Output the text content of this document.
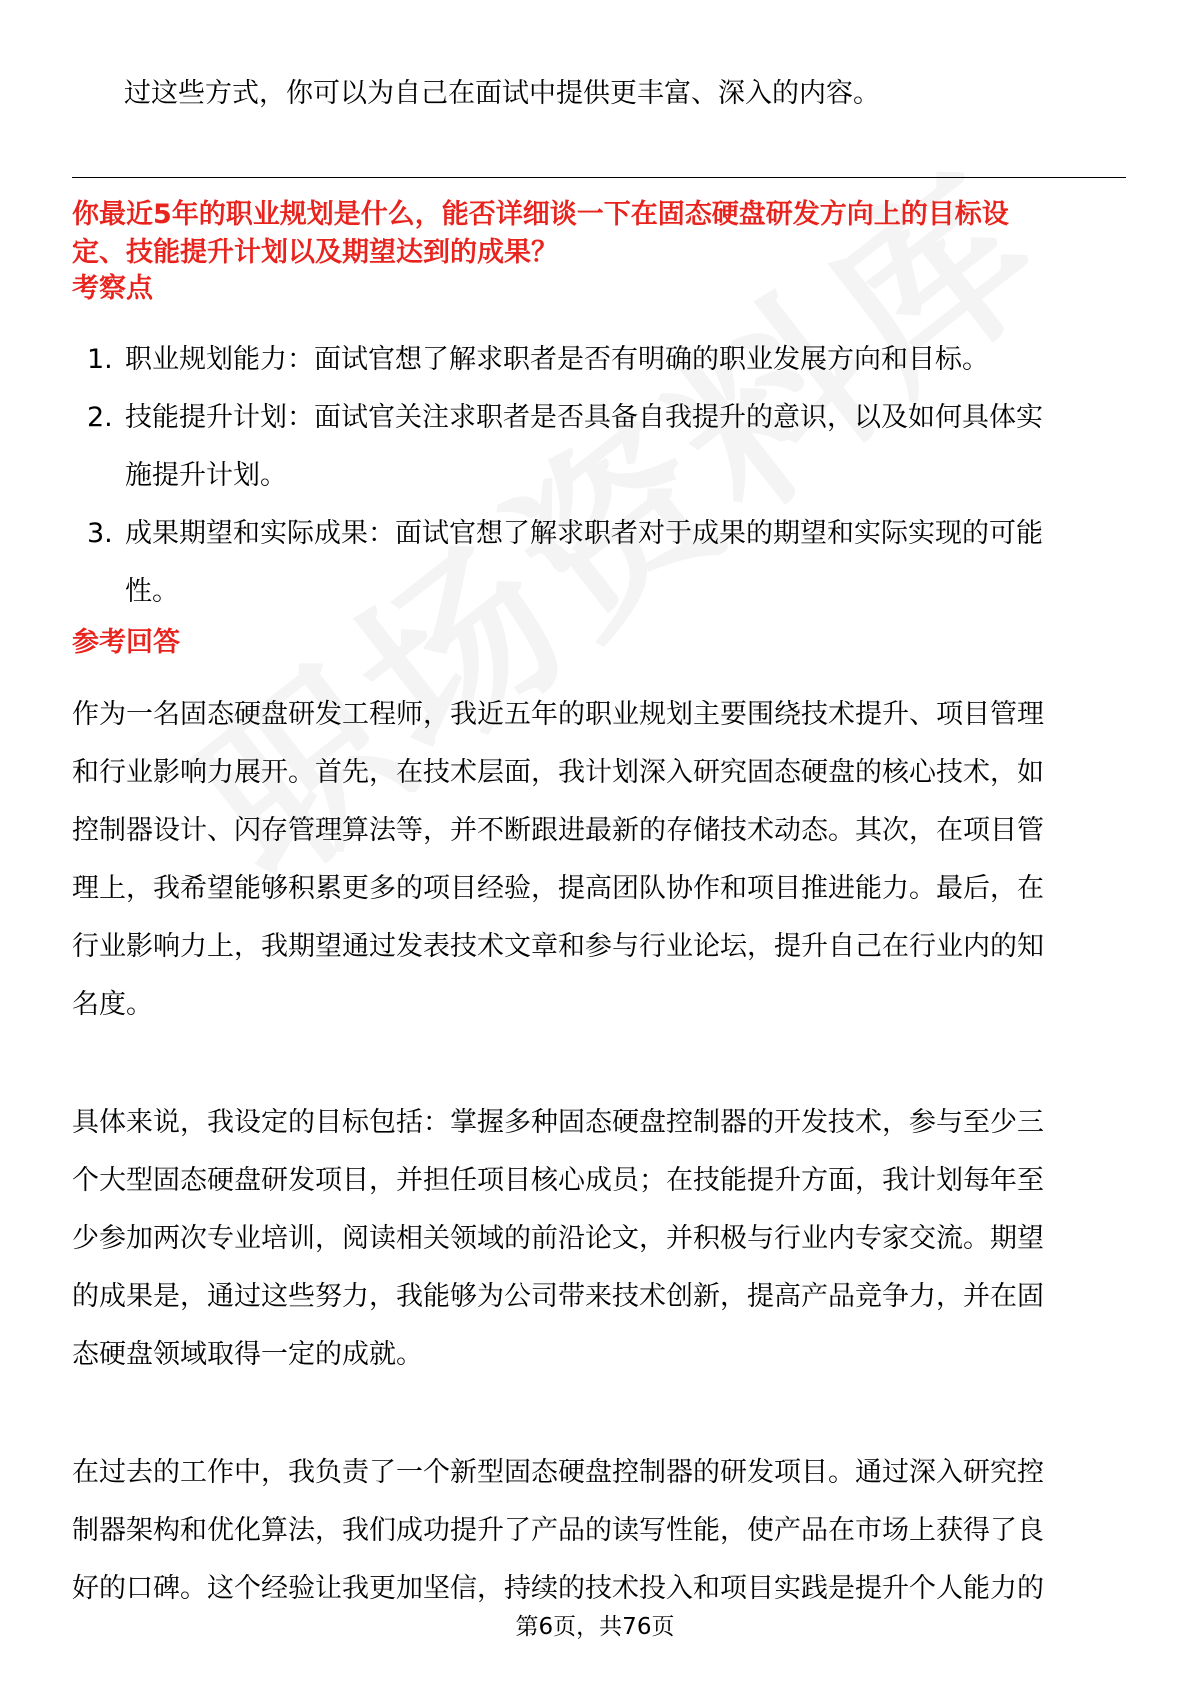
过这些方式，你可以为自己在面试中提供更丰富、深入的内容。
你最近5年的职业规划是什么，能否详细谈一下在固态硬盘研发方向上的目标设
定、技能提升计划以及期望达到的成果？
考察点
1. 职业规划能力：面试官想了解求职者是否有明确的职业发展方向和目标。
2. 技能提升计划：面试官关注求职者是否具备自我提升的意识，以及如何具体实
施提升计划。
3. 成果期望和实际成果：面试官想了解求职者对于成果的期望和实际实现的可能
性。
参考回答
作为一名固态硬盘研发工程师，我近五年的职业规划主要围绕技术提升、项目管理
和行业影响力展开。首先，在技术层面，我计划深入研究固态硬盘的核心技术，如
控制器设计、闪存管理算法等，并不断跟进最新的存储技术动态。其次，在项目管
理上，我希望能够积累更多的项目经验，提高团队协作和项目推进能力。最后，在
行业影响力上，我期望通过发表技术文章和参与行业论坛，提升自己在行业内的知
名度。
具体来说，我设定的目标包括：掌握多种固态硬盘控制器的开发技术，参与至少三
个大型固态硬盘研发项目，并担任项目核心成员；在技能提升方面，我计划每年至
少参加两次专业培训，阅读相关领域的前沿论文，并积极与行业内专家交流。期望
的成果是，通过这些努力，我能够为公司带来技术创新，提高产品竞争力，并在固
态硬盘领域取得一定的成就。
在过去的工作中，我负责了一个新型固态硬盘控制器的研发项目。通过深入研究控
制器架构和优化算法，我们成功提升了产品的读写性能，使产品在市场上获得了良
好的口碑。这个经验让我更加坚信，持续的技术投入和项目实践是提升个人能力的
第6页，共76页
